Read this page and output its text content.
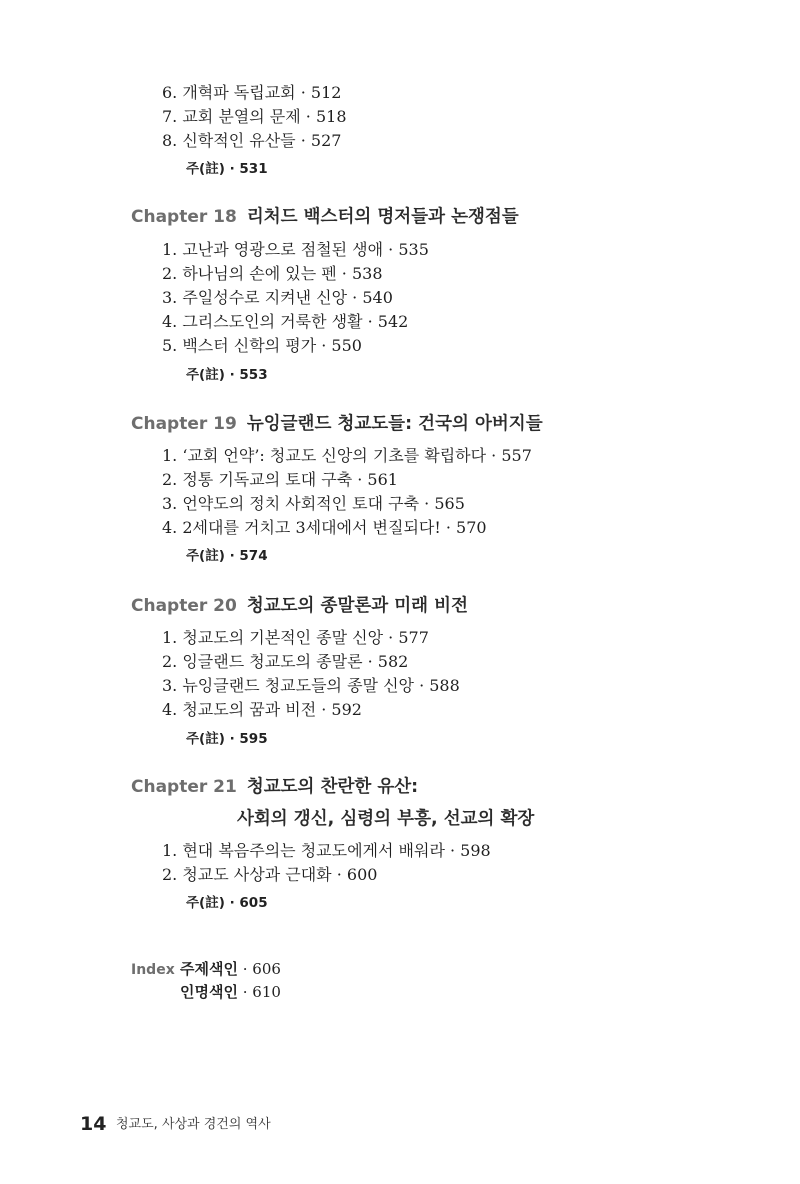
6. 개혁파 독립교회 · 512
7. 교회 분열의 문제 · 518
8. 신학적인 유산들 · 527
주(註) · 531
Chapter 18 리처드 백스터의 명저들과 논쟁점들
1. 고난과 영광으로 점철된 생애 · 535
2. 하나님의 손에 있는 펜 · 538
3. 주일성수로 지켜낸 신앙 · 540
4. 그리스도인의 거룩한 생활 · 542
5. 백스터 신학의 평가 · 550
주(註) · 553
Chapter 19 뉴잉글랜드 청교도들: 건국의 아버지들
1. ‘교회 언약’: 청교도 신앙의 기초를 확립하다 · 557
2. 정통 기독교의 토대 구축 · 561
3. 언약도의 정치 사회적인 토대 구축 · 565
4. 2세대를 거치고 3세대에서 변질되다! · 570
주(註) · 574
Chapter 20 청교도의 종말론과 미래 비전
1. 청교도의 기본적인 종말 신앙 · 577
2. 잉글랜드 청교도의 종말론 · 582
3. 뉴잉글랜드 청교도들의 종말 신앙 · 588
4. 청교도의 꿈과 비전 · 592
주(註) · 595
Chapter 21 청교도의 찬란한 유산:
사회의 갱신, 심령의 부흥, 선교의 확장
1. 현대 복음주의는 청교도에게서 배워라 · 598
2. 청교도 사상과 근대화 · 600
주(註) · 605
Index 주제색인 · 606
인명색인 · 610
14 청교도, 사상과 경건의 역사
